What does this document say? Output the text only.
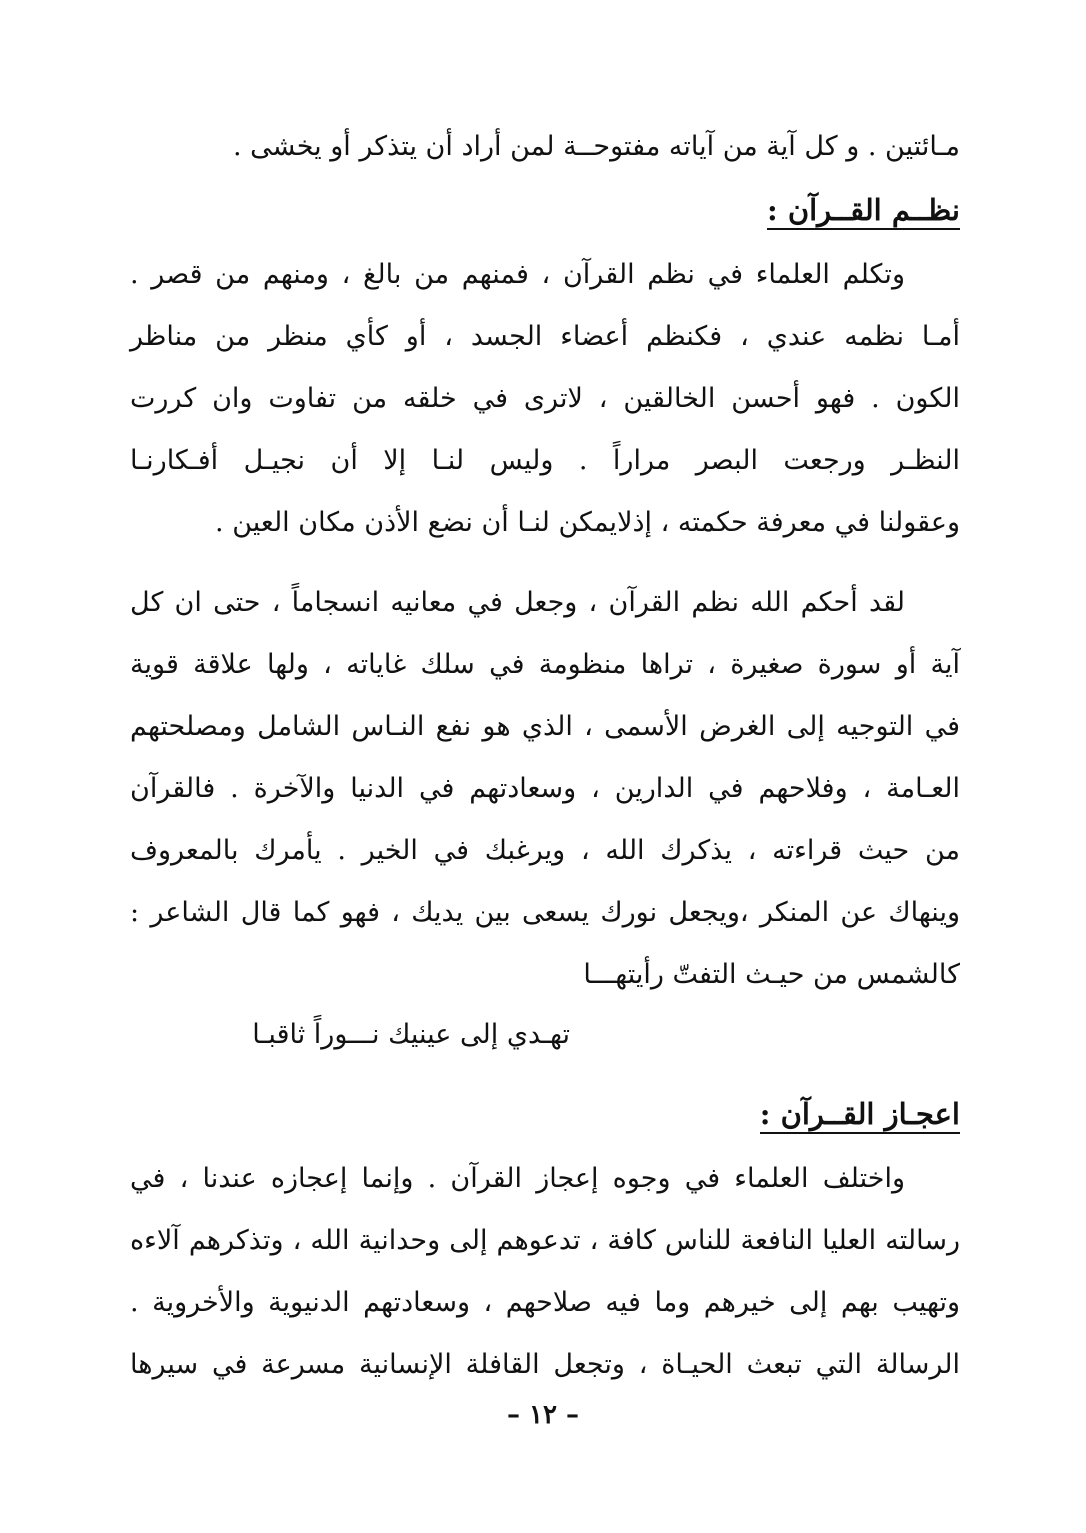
مـائتين . و كل آية من آياته مفتوحــة لمن أراد أن يتذكر أو يخشى .
نظــم القــرآن :
وتكلم العلماء في نظم القرآن ، فمنهم من بالغ ، ومنهم من قصر .
أمـا نظمه عندي ، فكنظم أعضاء الجسد ، أو كأي منظر من مناظر
الكون . فهو أحسن الخالقين ، لاترى في خلقه من تفاوت وان كررت
النظـر ورجعت البصر مراراً . وليس لنـا إلا أن نجيـل أفـكارنـا
وعقولنا في معرفة حكمته ، إذلايمكن لنـا أن نضع الأذن مكان العين .
لقد أحكم الله نظم القرآن ، وجعل في معانيه انسجاماً ، حتى ان كل
آية أو سورة صغيرة ، تراها منظومة في سلك غاياته ، ولها علاقة قوية
في التوجيه إلى الغرض الأسمى ، الذي هو نفع النـاس الشامل ومصلحتهم
العـامة ، وفلاحهم في الدارين ، وسعادتهم في الدنيا والآخرة . فالقرآن
من حيث قراءته ، يذكرك الله ، ويرغبك في الخير . يأمرك بالمعروف
وينهاك عن المنكر ،ويجعل نورك يسعى بين يديك ، فهو كما قال الشاعر :
كالشمس من حيـث التفتّ رأيتهـــا
تهـدي إلى عينيك نـــوراً ثاقبـا
اعجـاز القــرآن :
واختلف العلماء في وجوه إعجاز القرآن . وإنما إعجازه عندنا ، في
رسالته العليا النافعة للناس كافة ، تدعوهم إلى وحدانية الله ، وتذكرهم آلاءه
وتهيب بهم إلى خيرهم وما فيه صلاحهم ، وسعادتهم الدنيوية والأخروية .
الرسالة التي تبعث الحيـاة ، وتجعل القافلة الإنسانية مسرعة في سيرها
– ١٢ –
